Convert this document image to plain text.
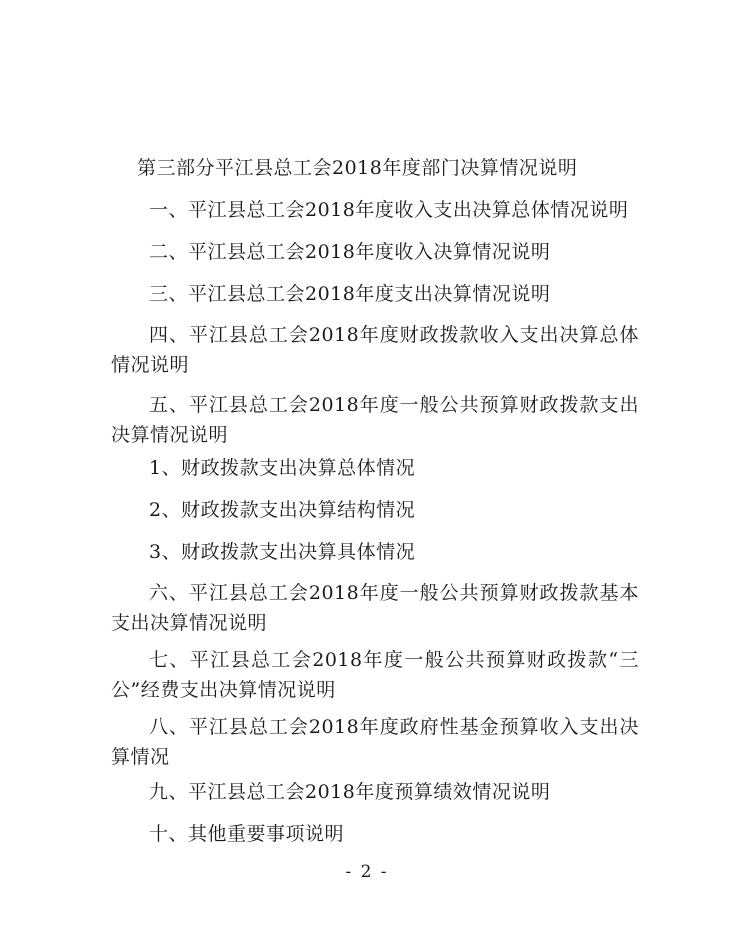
第三部分平江县总工会2018年度部门决算情况说明
一、平江县总工会2018年度收入支出决算总体情况说明
二、平江县总工会2018年度收入决算情况说明
三、平江县总工会2018年度支出决算情况说明
四、平江县总工会2018年度财政拨款收入支出决算总体情况说明
五、平江县总工会2018年度一般公共预算财政拨款支出决算情况说明
1、财政拨款支出决算总体情况
2、财政拨款支出决算结构情况
3、财政拨款支出决算具体情况
六、平江县总工会2018年度一般公共预算财政拨款基本支出决算情况说明
七、平江县总工会2018年度一般公共预算财政拨款“三公”经费支出决算情况说明
八、平江县总工会2018年度政府性基金预算收入支出决算情况
九、平江县总工会2018年度预算绩效情况说明
十、其他重要事项说明
- 2 -
